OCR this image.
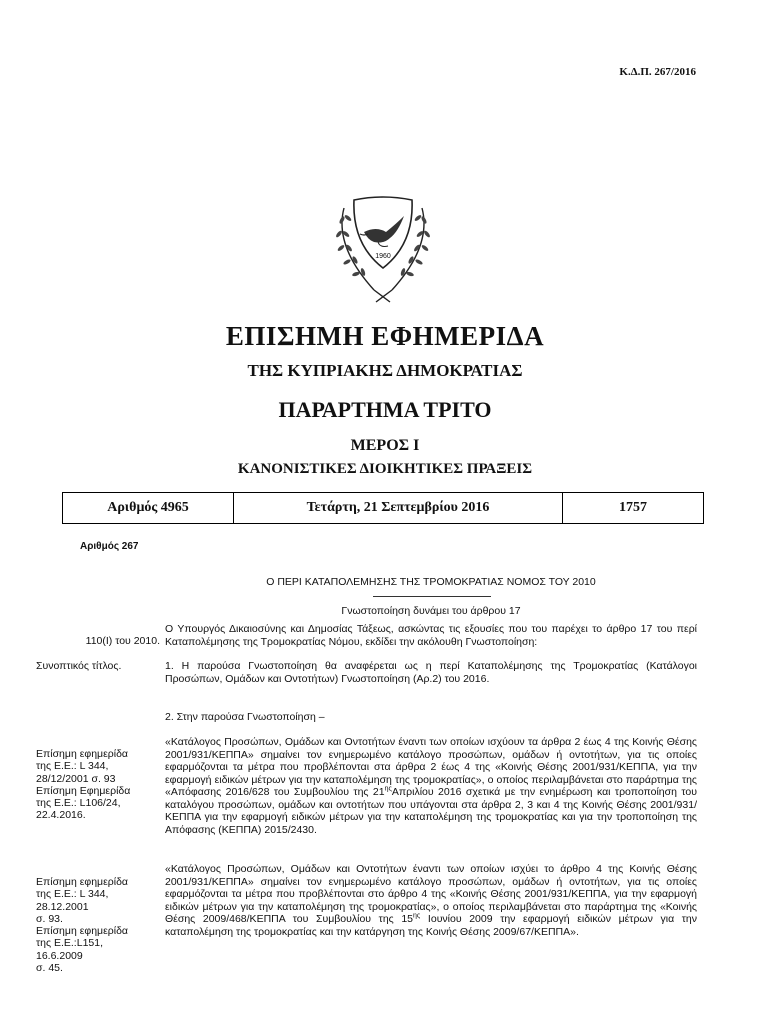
Κ.Δ.Π. 267/2016
1960
ΕΠΙΣΗΜΗ ΕΦΗΜΕΡΙΔΑ
ΤΗΣ ΚΥΠΡΙΑΚΗΣ ΔΗΜΟΚΡΑΤΙΑΣ
ΠΑΡΑΡΤΗΜΑ ΤΡΙΤΟ
ΜΕΡΟΣ Ι
ΚΑΝΟΝΙΣΤΙΚΕΣ ΔΙΟΙΚΗΤΙΚΕΣ ΠΡΑΞΕΙΣ
Αριθμός 4965	Τετάρτη, 21 Σεπτεμβρίου 2016	1757
Αριθμός 267
Ο ΠΕΡΙ ΚΑΤΑΠΟΛΕΜΗΣΗΣ ΤΗΣ ΤΡΟΜΟΚΡΑΤΙΑΣ ΝΟΜΟΣ ΤΟΥ 2010
Γνωστοποίηση δυνάμει του άρθρου 17
110(Ι) του 2010.
Ο Υπουργός Δικαιοσύνης και Δημοσίας Τάξεως, ασκώντας τις εξουσίες που του παρέχει το άρθρο 17 του περί Καταπολέμησης της Τρομοκρατίας Νόμου, εκδίδει την ακόλουθη Γνωστοποίηση:
Συνοπτικός τίτλος.	1. Η παρούσα Γνωστοποίηση θα αναφέρεται ως η περί Καταπολέμησης της Τρομοκρατίας (Κατάλογοι Προσώπων, Ομάδων και Οντοτήτων) Γνωστοποίηση (Αρ.2) του 2016.
2. Στην παρούσα Γνωστοποίηση –
Επίσημη εφημερίδα
της Ε.Ε.: L 344,
28/12/2001 σ. 93
Επίσημη Εφημερίδα
της Ε.Ε.: L106/24,
22.4.2016.
«Κατάλογος Προσώπων, Ομάδων και Οντοτήτων έναντι των οποίων ισχύουν τα άρθρα 2 έως 4 της Κοινής Θέσης 2001/931/ΚΕΠΠΑ» σημαίνει τον ενημερωμένο κατάλογο προσώπων, ομάδων ή οντοτήτων, για τις οποίες εφαρμόζονται τα μέτρα που προβλέπονται στα άρθρα 2 έως 4 της «Κοινής Θέσης 2001/931/ΚΕΠΠΑ, για την εφαρμογή ειδικών μέτρων για την καταπολέμηση της τρομοκρατίας», ο οποίος περιλαμβάνεται στο παράρτημα της «Απόφασης 2016/628 του Συμβουλίου της $21^{\eta\varsigma}A\pi\rho\iota\lambda ίo\upsilon$ 2016 σχετικά με την ενημέρωση και τροποποίηση του καταλόγου προσώπων, ομάδων και οντοτήτων που υπάγονται στα άρθρα 2, 3 και 4 της Κοινής Θέσης 2001/931/ΚΕΠΠΑ για την εφαρμογή ειδικών μέτρων για την καταπολέμηση της τρομοκρατίας και για την τροποποίηση της Απόφασης (ΚΕΠΠΑ) 2015/2430.
Επίσημη εφημερίδα
της Ε.Ε.: L 344,
28.12.2001
σ. 93.
Επίσημη εφημερίδα
της Ε.Ε.:L151,
16.6.2009
σ. 45.
«Κατάλογος Προσώπων, Ομάδων και Οντοτήτων έναντι των οποίων ισχύει το άρθρο 4 της Κοινής Θέσης 2001/931/ΚΕΠΠΑ» σημαίνει τον ενημερωμένο κατάλογο προσώπων, ομάδων ή οντοτήτων, για τις οποίες εφαρμόζονται τα μέτρα που προβλέπονται στο άρθρο 4 της «Κοινής Θέσης 2001/931/ΚΕΠΠΑ, για την εφαρμογή ειδικών μέτρων για την καταπολέμηση της τρομοκρατίας», ο οποίος περιλαμβάνεται στο παράρτημα της «Κοινής Θέσης 2009/468/ΚΕΠΠΑ του Συμβουλίου της $15^{\eta\varsigma}$ Ιουνίου 2009 την εφαρμογή ειδικών μέτρων για την καταπολέμηση της τρομοκρατίας και την κατάργηση της Κοινής Θέσης 2009/67/ΚΕΠΠΑ».
